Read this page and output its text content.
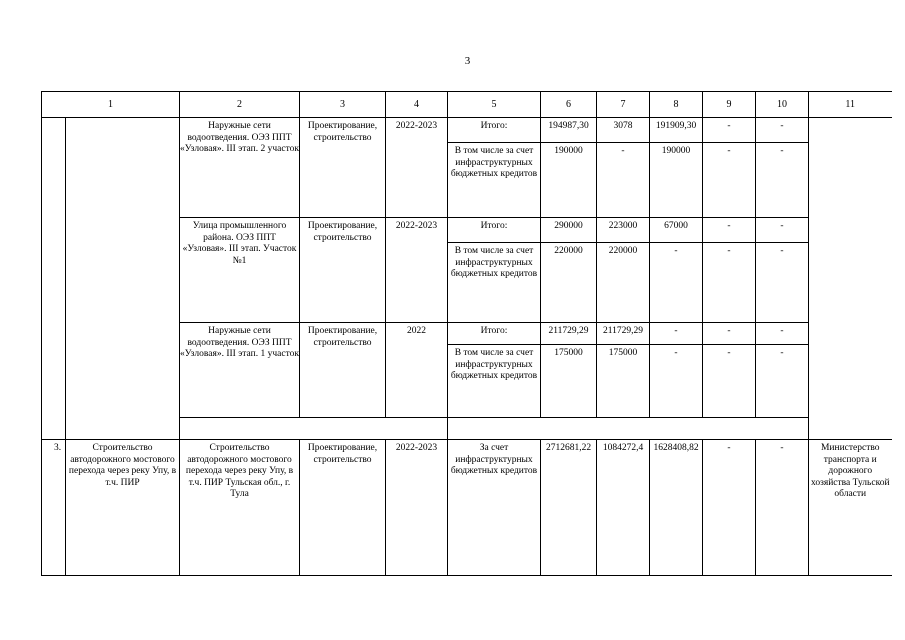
3
1		2	3	4	5	6	7	8	9	10	11
		Наружные сети водоотведения. ОЭЗ ППТ «Узловая». III этап. 2 участок	Проектирование, строительство	2022-2023	Итого:	194987,30	3078	191909,30	-	-	
					В том числе за счет инфраструктурных бюджетных кредитов	190000	-	190000	-	-	
		Улица промышленного района. ОЭЗ ППТ «Узловая». III этап. Участок №1	Проектирование, строительство	2022-2023	Итого:	290000	223000	67000	-	-	
					В том числе за счет инфраструктурных бюджетных кредитов	220000	220000	-	-	-	
		Наружные сети водоотведения. ОЭЗ ППТ «Узловая». III этап. 1 участок	Проектирование, строительство	2022	Итого:	211729,29	211729,29	-	-	-	
					В том числе за счет инфраструктурных бюджетных кредитов	175000	175000	-	-	-	

3.	Строительство автодорожного мостового перехода через реку Упу, в т.ч. ПИР	Строительство автодорожного мостового перехода через реку Упу, в т.ч. ПИР Тульская обл., г. Тула	Проектирование, строительство	2022-2023	За счет инфраструктурных бюджетных кредитов	2712681,22	1084272,4	1628408,82	-	-	Министерство транспорта и дорожного хозяйства Тульской области
